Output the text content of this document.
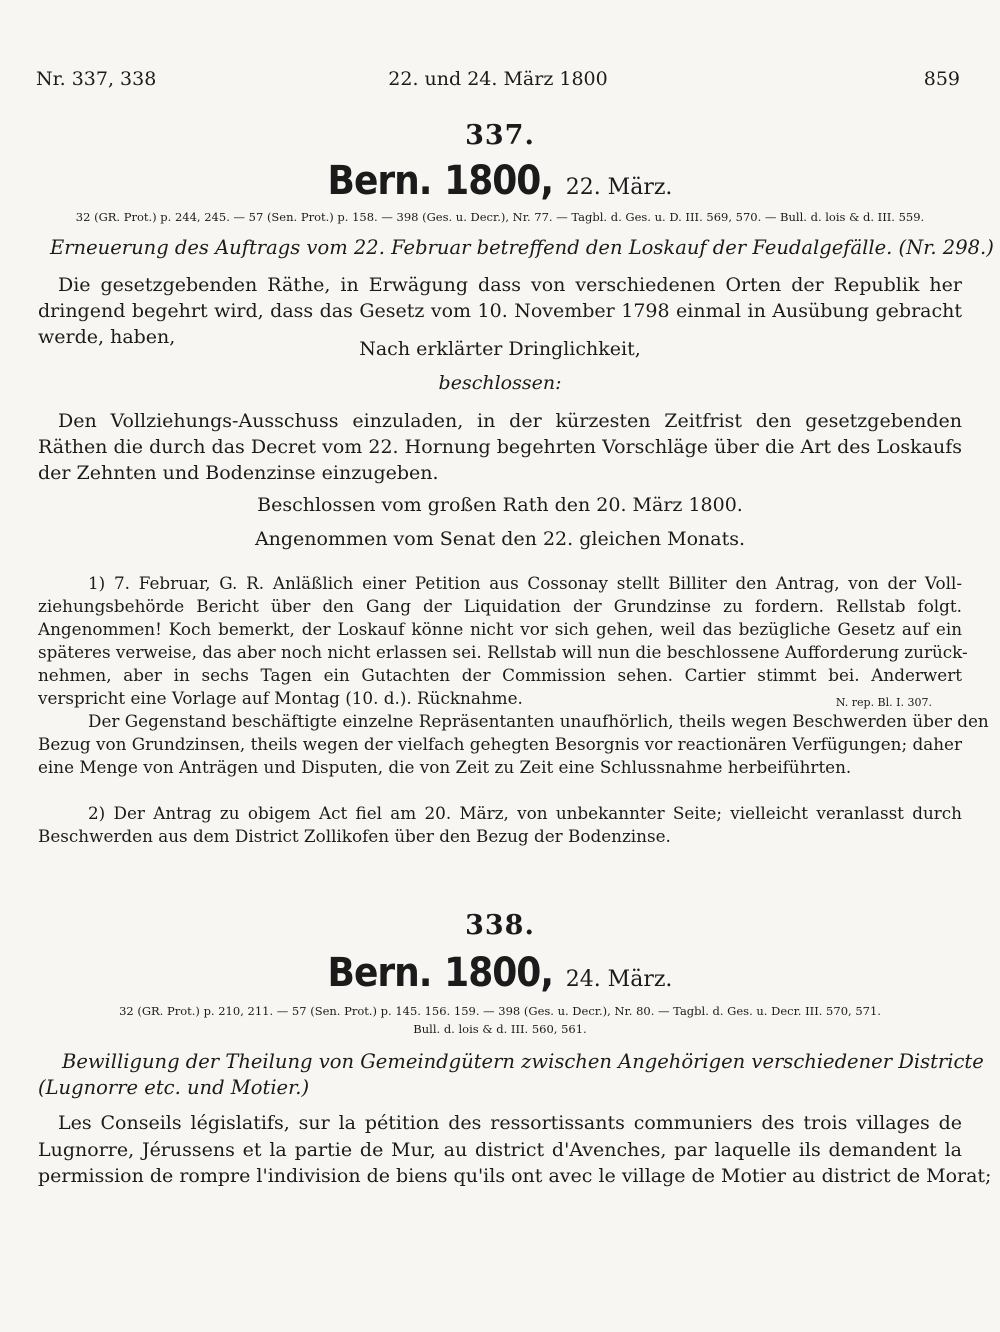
Nr. 337, 338	22. und 24. März 1800	859
337.
Bern. 1800, 22. März.
32 (GR. Prot.) p. 244, 245. — 57 (Sen. Prot.) p. 158. — 398 (Ges. u. Decr.), Nr. 77. — Tagbl. d. Ges. u. D. III. 569, 570. — Bull. d. lois & d. III. 559.
Erneuerung des Auftrags vom 22. Februar betreffend den Loskauf der Feudalgefälle. (Nr. 298.)
Die gesetzgebenden Räthe, in Erwägung dass von verschiedenen Orten der Republik her dringend begehrt wird, dass das Gesetz vom 10. November 1798 einmal in Ausübung gebracht werde, haben,
Nach erklärter Dringlichkeit,
beschlossen:
Den Vollziehungs-Ausschuss einzuladen, in der kürzesten Zeitfrist den gesetzgebenden Räthen die durch das Decret vom 22. Hornung begehrten Vorschläge über die Art des Loskaufs der Zehnten und Bodenzinse einzugeben.
Beschlossen vom großen Rath den 20. März 1800.
Angenommen vom Senat den 22. gleichen Monats.
1) 7. Februar, G. R. Anläßlich einer Petition aus Cossonay stellt Billiter den Antrag, von der Voll-
ziehungsbehörde Bericht über den Gang der Liquidation der Grundzinse zu fordern. Rellstab folgt.
Angenommen! Koch bemerkt, der Loskauf könne nicht vor sich gehen, weil das bezügliche Gesetz auf ein
späteres verweise, das aber noch nicht erlassen sei. Rellstab will nun die beschlossene Aufforderung zurück-
nehmen, aber in sechs Tagen ein Gutachten der Commission sehen. Cartier stimmt bei. Anderwert
verspricht eine Vorlage auf Montag (10. d.). Rücknahme.	N. rep. Bl. I. 307.
Der Gegenstand beschäftigte einzelne Repräsentanten unaufhörlich, theils wegen Beschwerden über den
Bezug von Grundzinsen, theils wegen der vielfach gehegten Besorgnis vor reactionären Verfügungen; daher
eine Menge von Anträgen und Disputen, die von Zeit zu Zeit eine Schlussnahme herbeiführten.
2) Der Antrag zu obigem Act fiel am 20. März, von unbekannter Seite; vielleicht veranlasst durch
Beschwerden aus dem District Zollikofen über den Bezug der Bodenzinse.
338.
Bern. 1800, 24. März.
32 (GR. Prot.) p. 210, 211. — 57 (Sen. Prot.) p. 145. 156. 159. — 398 (Ges. u. Decr.), Nr. 80. — Tagbl. d. Ges. u. Decr. III. 570, 571.
Bull. d. lois & d. III. 560, 561.
Bewilligung der Theilung von Gemeindgütern zwischen Angehörigen verschiedener Districte
(Lugnorre etc. und Motier.)
Les Conseils législatifs, sur la pétition des ressortissants communiers des trois villages de
Lugnorre, Jérussens et la partie de Mur, au district d'Avenches, par laquelle ils demandent la
permission de rompre l'indivision de biens qu'ils ont avec le village de Motier au district de Morat;
